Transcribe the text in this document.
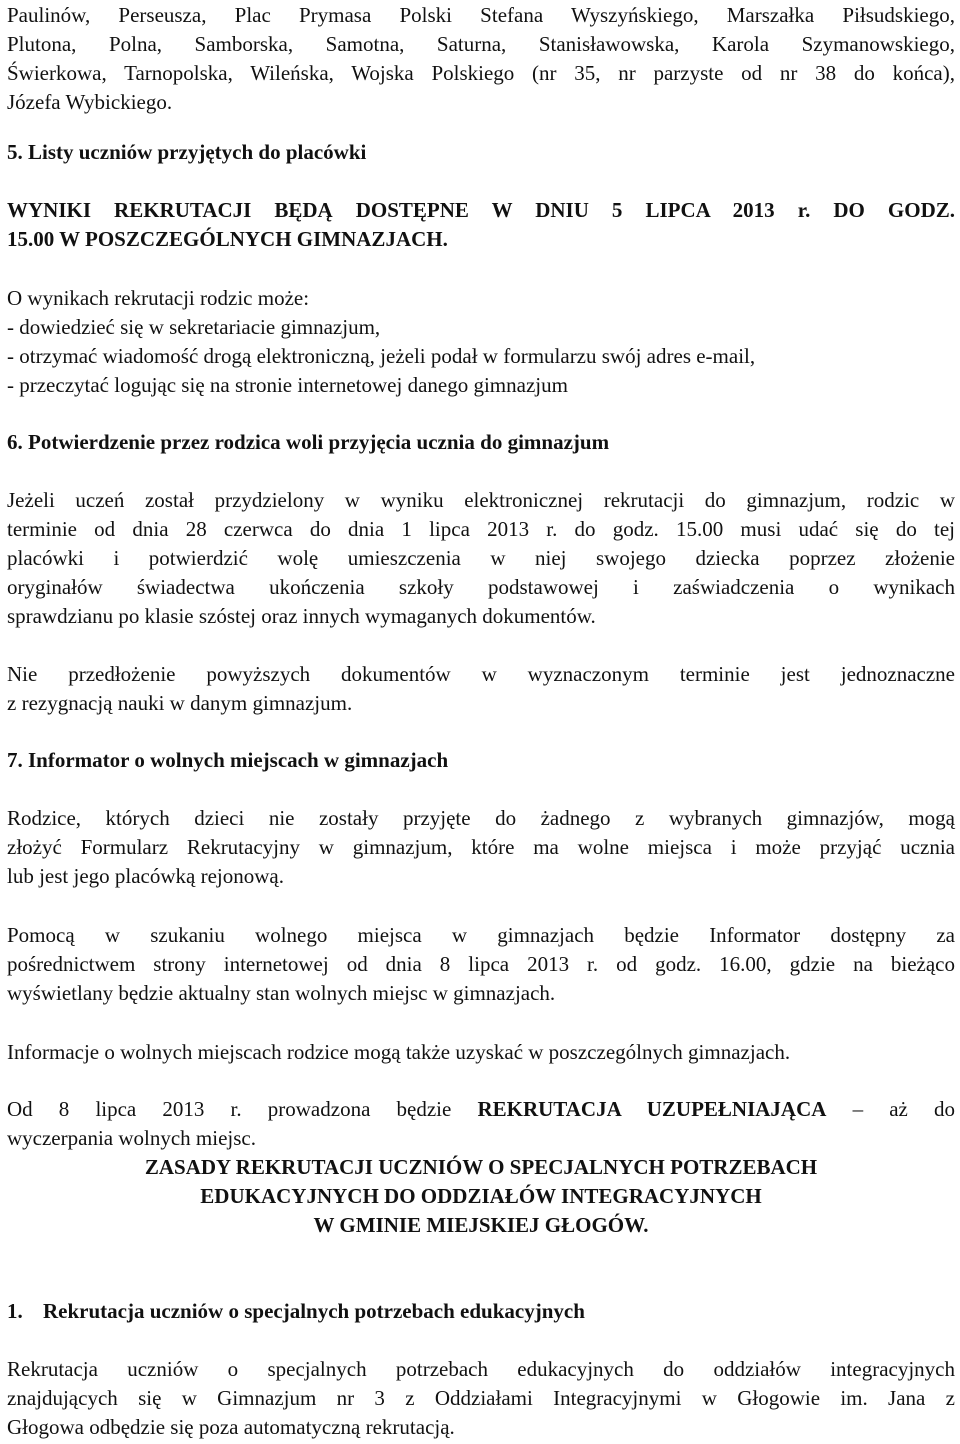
Paulinów, Perseusza, Plac Prymasa Polski Stefana Wyszyńskiego, Marszałka Piłsudskiego,
Plutona, Polna, Samborska, Samotna, Saturna, Stanisławowska, Karola Szymanowskiego,
Świerkowa, Tarnopolska, Wileńska, Wojska Polskiego (nr 35, nr parzyste od nr 38 do końca),
Józefa Wybickiego.
5. Listy uczniów przyjętych do placówki
WYNIKI REKRUTACJI BĘDĄ DOSTĘPNE W DNIU 5 LIPCA 2013 r. DO GODZ.
15.00 W POSZCZEGÓLNYCH GIMNAZJACH.
O wynikach rekrutacji rodzic może:
- dowiedzieć się w sekretariacie gimnazjum,
- otrzymać wiadomość drogą elektroniczną, jeżeli podał w formularzu swój adres e-mail,
- przeczytać logując się na stronie internetowej danego gimnazjum
6. Potwierdzenie przez rodzica woli przyjęcia ucznia do gimnazjum
Jeżeli uczeń został przydzielony w wyniku elektronicznej rekrutacji do gimnazjum, rodzic w
terminie od dnia 28 czerwca do dnia 1 lipca 2013 r. do godz. 15.00 musi udać się do tej
placówki i potwierdzić wolę umieszczenia w niej swojego dziecka poprzez złożenie
oryginałów świadectwa ukończenia szkoły podstawowej i zaświadczenia o wynikach
sprawdzianu po klasie szóstej oraz innych wymaganych dokumentów.
Nie przedłożenie powyższych dokumentów w wyznaczonym terminie jest jednoznaczne
z rezygnacją nauki w danym gimnazjum.
7. Informator o wolnych miejscach w gimnazjach
Rodzice, których dzieci nie zostały przyjęte do żadnego z wybranych gimnazjów, mogą
złożyć Formularz Rekrutacyjny w gimnazjum, które ma wolne miejsca i może przyjąć ucznia
lub jest jego placówką rejonową.
Pomocą w szukaniu wolnego miejsca w gimnazjach będzie Informator dostępny za
pośrednictwem strony internetowej od dnia 8 lipca 2013 r. od godz. 16.00, gdzie na bieżąco
wyświetlany będzie aktualny stan wolnych miejsc w gimnazjach.
Informacje o wolnych miejscach rodzice mogą także uzyskać w poszczególnych gimnazjach.
Od 8 lipca 2013 r. prowadzona będzie REKRUTACJA UZUPEŁNIAJĄCA – aż do
wyczerpania wolnych miejsc.
ZASADY REKRUTACJI UCZNIÓW O SPECJALNYCH POTRZEBACH
EDUKACYJNYCH DO ODDZIAŁÓW INTEGRACYJNYCH
W GMINIE MIEJSKIEJ GŁOGÓW.
1. Rekrutacja uczniów o specjalnych potrzebach edukacyjnych
Rekrutacja uczniów o specjalnych potrzebach edukacyjnych do oddziałów integracyjnych
znajdujących się w Gimnazjum nr 3 z Oddziałami Integracyjnymi w Głogowie im. Jana z
Głogowa odbędzie się poza automatyczną rekrutacją.
